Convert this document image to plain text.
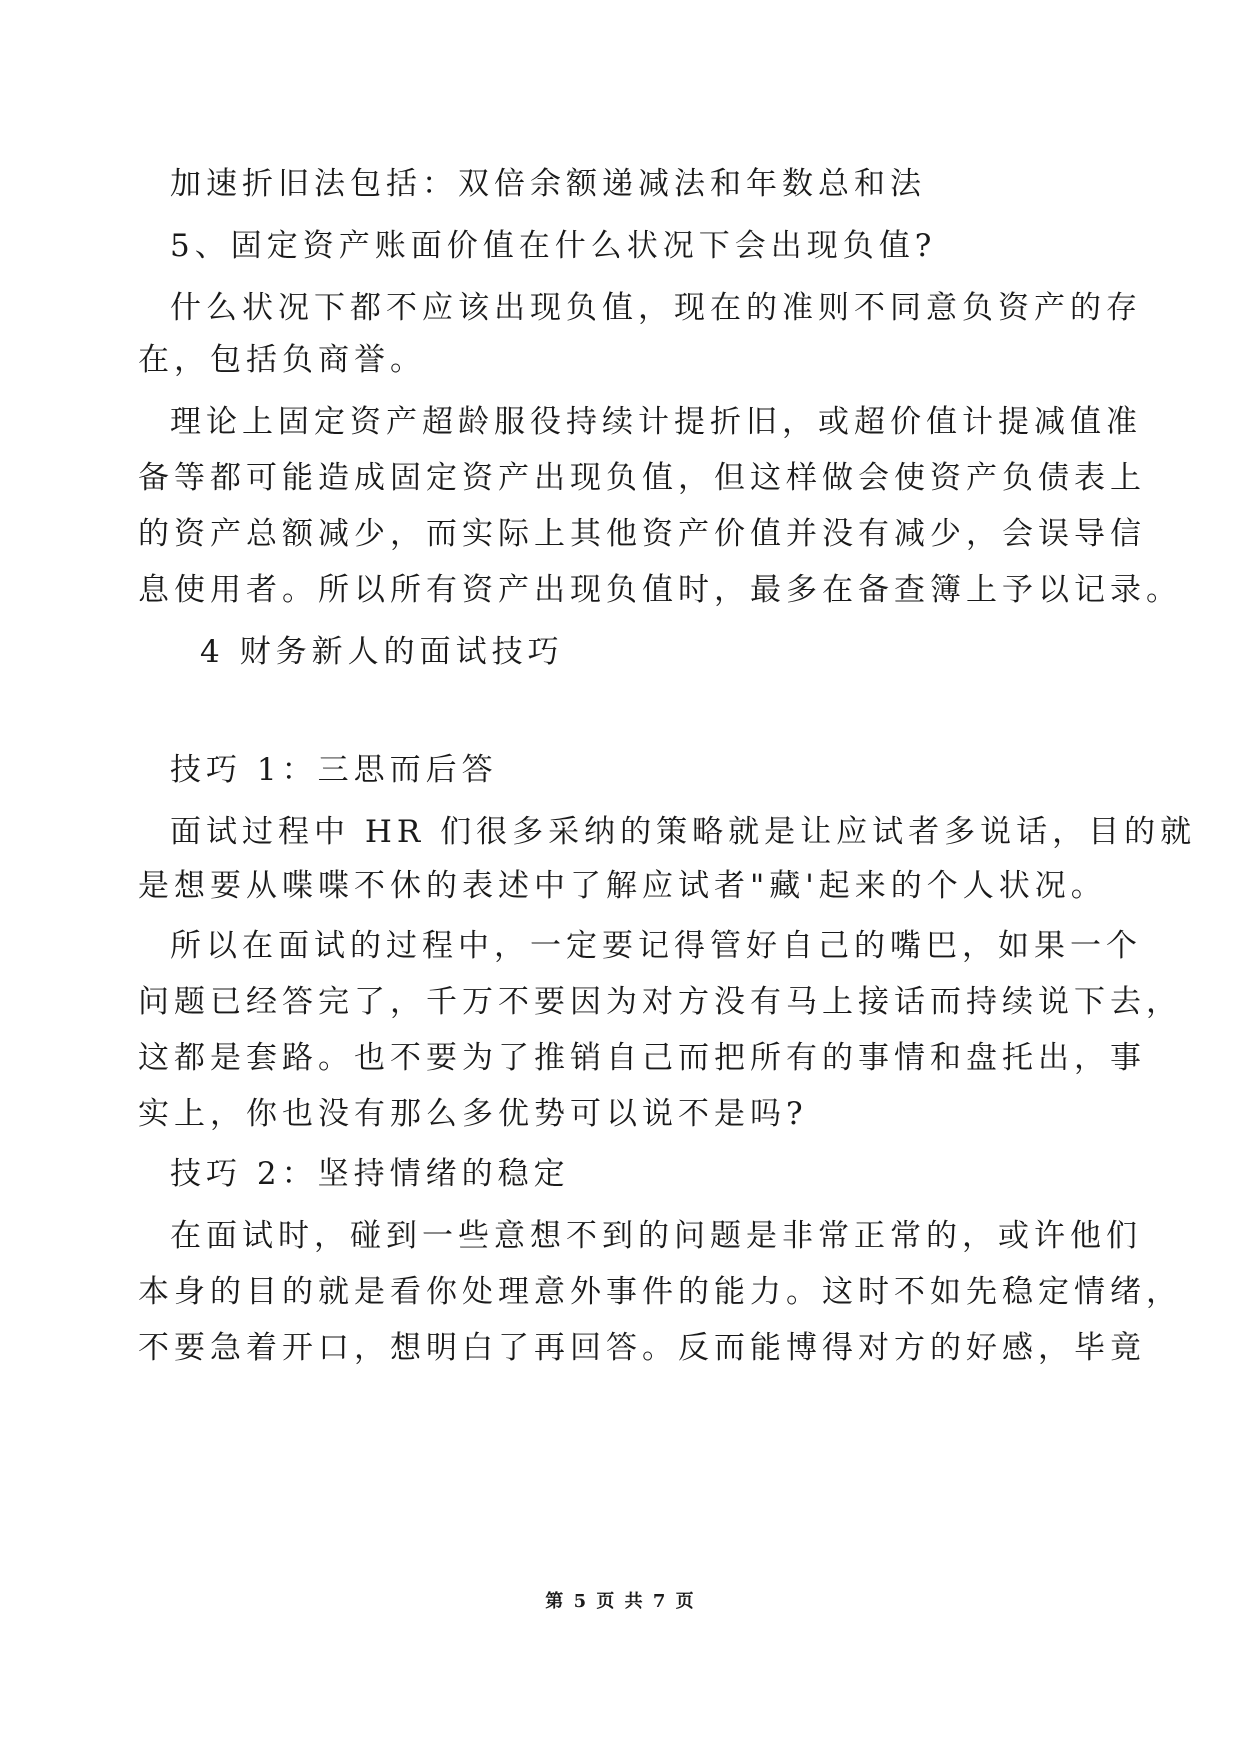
加速折旧法包括：双倍余额递减法和年数总和法

5、固定资产账面价值在什么状况下会出现负值?

什么状况下都不应该出现负值，现在的准则不同意负资产的存

在，包括负商誉。

理论上固定资产超龄服役持续计提折旧，或超价值计提减值准

备等都可能造成固定资产出现负值，但这样做会使资产负债表上

的资产总额减少，而实际上其他资产价值并没有减少，会误导信

息使用者。所以所有资产出现负值时，最多在备查簿上予以记录。

4 财务新人的面试技巧

技巧 1：三思而后答

面试过程中 HR 们很多采纳的策略就是让应试者多说话，目的就

是想要从喋喋不休的表述中了解应试者"藏'起来的个人状况。

所以在面试的过程中，一定要记得管好自己的嘴巴，如果一个

问题已经答完了，千万不要因为对方没有马上接话而持续说下去，

这都是套路。也不要为了推销自己而把所有的事情和盘托出，事

实上，你也没有那么多优势可以说不是吗?

技巧 2：坚持情绪的稳定

在面试时，碰到一些意想不到的问题是非常正常的，或许他们

本身的目的就是看你处理意外事件的能力。这时不如先稳定情绪，

不要急着开口，想明白了再回答。反而能博得对方的好感，毕竟

第 5 页 共 7 页
